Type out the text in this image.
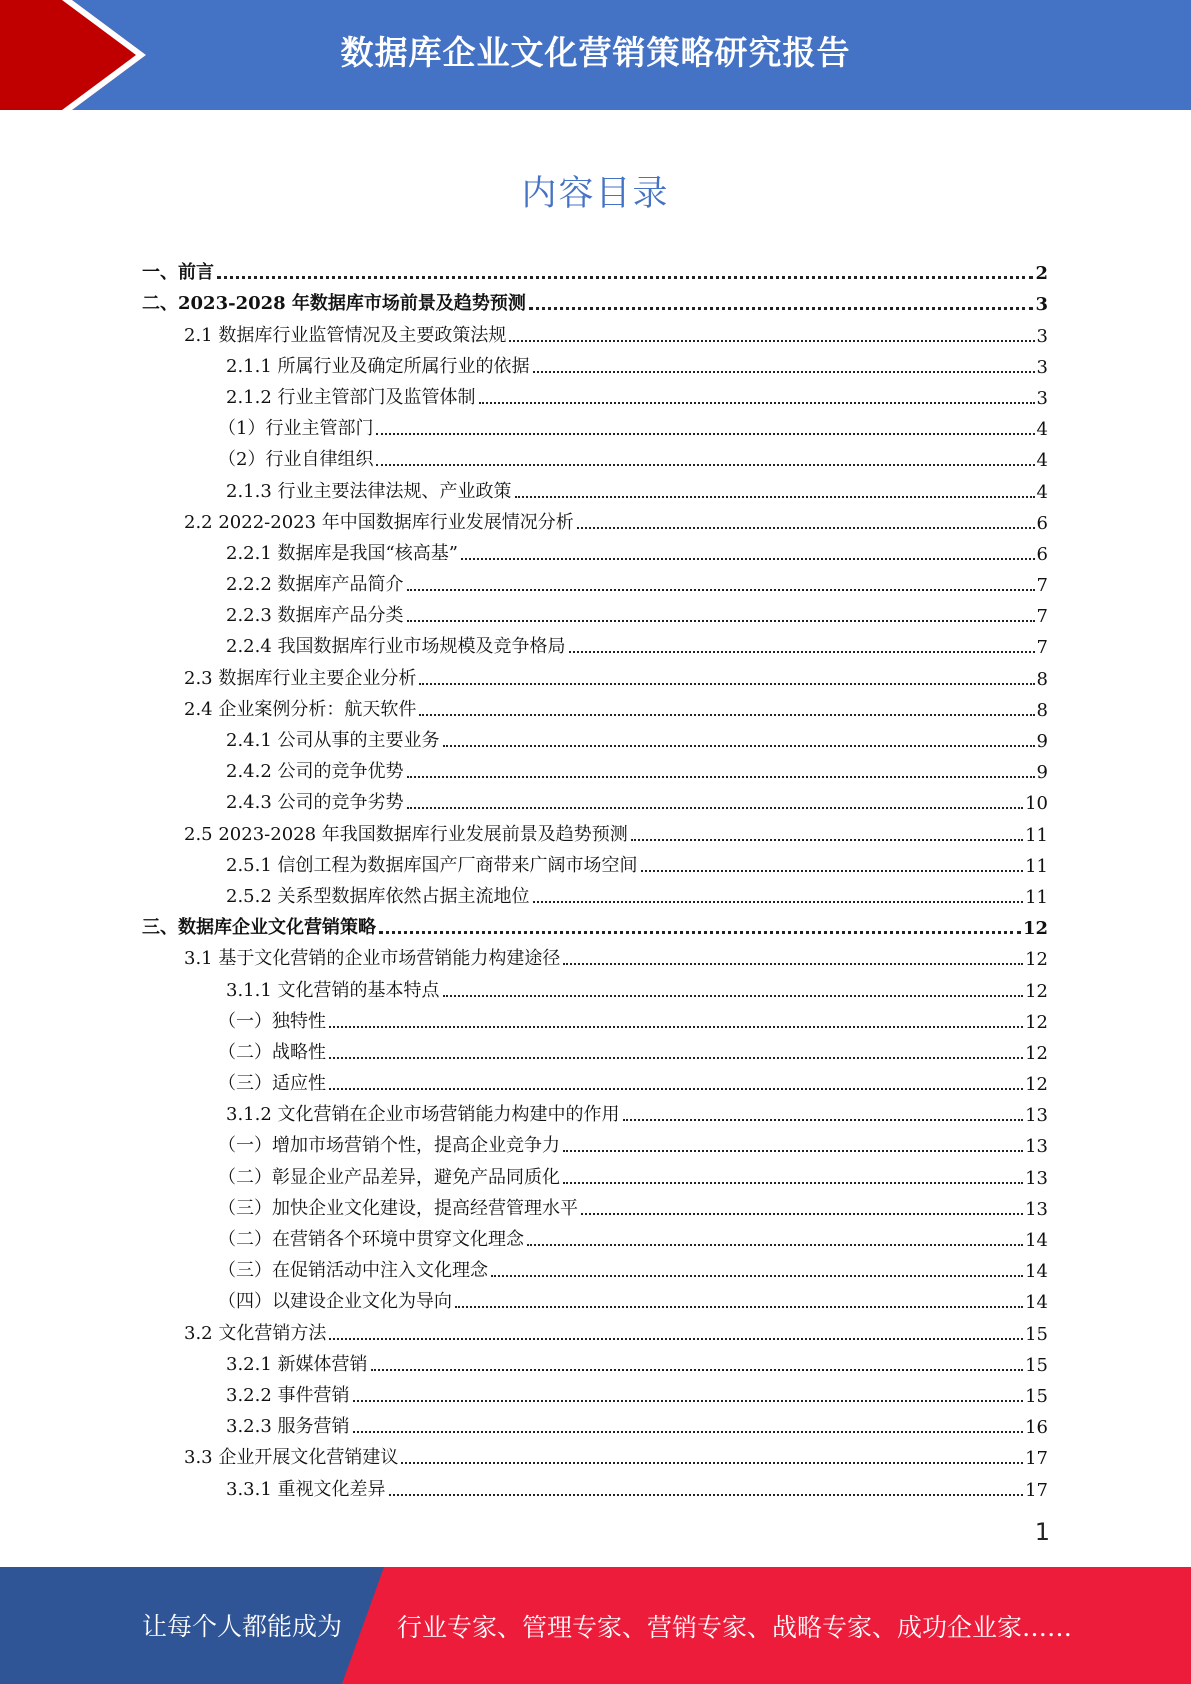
数据库企业文化营销策略研究报告
内容目录
一、前言	2
二、2023-2028 年数据库市场前景及趋势预测	3
2.1 数据库行业监管情况及主要政策法规	3
2.1.1 所属行业及确定所属行业的依据	3
2.1.2 行业主管部门及监管体制	3
（1）行业主管部门	4
（2）行业自律组织	4
2.1.3 行业主要法律法规、产业政策	4
2.2 2022-2023 年中国数据库行业发展情况分析	6
2.2.1 数据库是我国“核高基”	6
2.2.2 数据库产品简介	7
2.2.3 数据库产品分类	7
2.2.4 我国数据库行业市场规模及竞争格局	7
2.3 数据库行业主要企业分析	8
2.4 企业案例分析：航天软件	8
2.4.1 公司从事的主要业务	9
2.4.2 公司的竞争优势	9
2.4.3 公司的竞争劣势	10
2.5 2023-2028 年我国数据库行业发展前景及趋势预测	11
2.5.1 信创工程为数据库国产厂商带来广阔市场空间	11
2.5.2 关系型数据库依然占据主流地位	11
三、数据库企业文化营销策略	12
3.1 基于文化营销的企业市场营销能力构建途径	12
3.1.1 文化营销的基本特点	12
（一）独特性	12
（二）战略性	12
（三）适应性	12
3.1.2 文化营销在企业市场营销能力构建中的作用	13
（一）增加市场营销个性，提高企业竞争力	13
（二）彰显企业产品差异，避免产品同质化	13
（三）加快企业文化建设，提高经营管理水平	13
（二）在营销各个环境中贯穿文化理念	14
（三）在促销活动中注入文化理念	14
（四）以建设企业文化为导向	14
3.2 文化营销方法	15
3.2.1 新媒体营销	15
3.2.2 事件营销	15
3.2.3 服务营销	16
3.3 企业开展文化营销建议	17
3.3.1 重视文化差异	17
1
让每个人都能成为 行业专家、管理专家、营销专家、战略专家、成功企业家……
